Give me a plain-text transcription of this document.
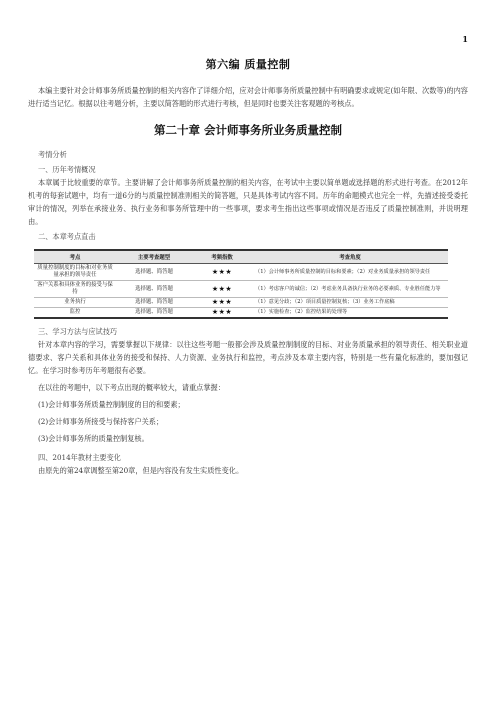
1
第六编 质量控制

本编主要针对会计师事务所质量控制的相关内容作了详细介绍，应对会计师事务所质量控制中有明确要求或规定(如年限、次数等)的内容进行适当记忆。根据以往考题分析，主要以简答题的形式进行考核，但是同时也要关注客观题的考核点。

第二十章 会计师事务所业务质量控制
考情分析
一、历年考情概况

本章属于比较重要的章节。主要讲解了会计师事务所质量控制的相关内容，在考试中主要以简单题或选择题的形式进行考查。在2012年机考的每套试题中，均有一道6分的与质量控制准则相关的简答题，只是具体考试内容不同。历年的命题模式也完全一样，先描述接受委托审计的情况，列举在承接业务、执行业务和事务所管理中的一些事项，要求考生指出这些事项或情况是否违反了质量控制准则，并说明理由。

二、本章考点直击
考点	主要考查题型	考频指数	考查角度
质量控制制度的目标和对业务质量承担的领导责任	选择题、简答题	★★★	（1）会计师事务所质量控制的目标和要素；（2）对业务质量承担的领导责任
客户关系和具体业务的接受与保持	选择题、简答题	★★★	（1）考虑客户的诚信；（2）考虑业务具备执行业务的必要素质、专业胜任能力等
业务执行	选择题、简答题	★★★	（1）意见分歧；（2）项目质量控制复核；（3）业务工作底稿
监控	选择题、简答题	★★★	（1）实施检查；（2）监控结果的处理等
三、学习方法与应试技巧

针对本章内容的学习，需要掌握以下规律：以往这些考题一般都会涉及质量控制制度的目标、对业务质量承担的领导责任、相关职业道德要求、客户关系和具体业务的接受和保持、人力资源、业务执行和监控，考点涉及本章主要内容，特别是一些有量化标准的，要加强记忆。在学习时参考历年考题很有必要。

在以往的考题中，以下考点出现的概率较大，请重点掌握：

(1)会计师事务所质量控制制度的目的和要素；

(2)会计师事务所接受与保持客户关系；

(3)会计师事务所的质量控制复核。

四、2014年教材主要变化

由原先的第24章调整至第20章，但是内容没有发生实质性变化。
